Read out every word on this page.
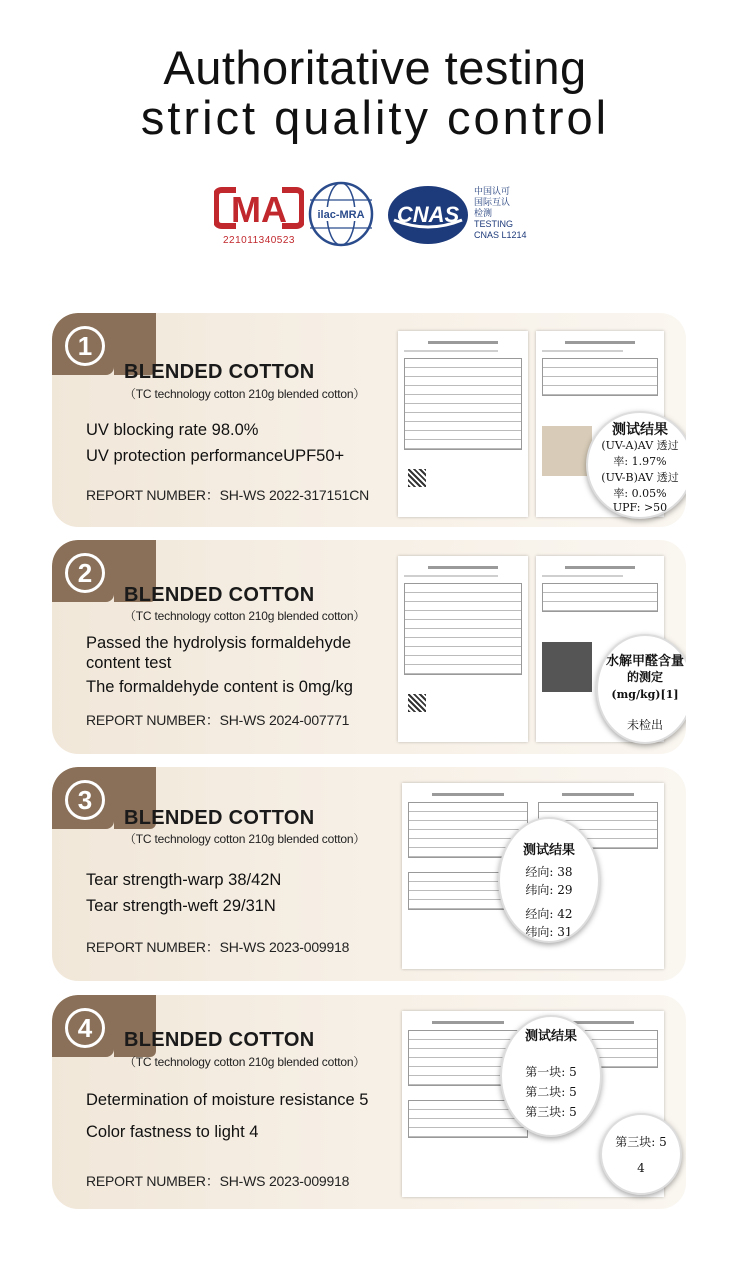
Authoritative testing
strict quality control
MA
221011340523
ilac-MRA CNAS
中国认可
国际互认
检测
TESTING
CNAS L1214
1
BLENDED COTTON
（TC technology cotton 210g blended cotton）
UV blocking rate 98.0%
UV protection performanceUPF50+
REPORT NUMBER：SH-WS 2022-317151CN
测试结果
(UV-A)AV 透过
率: 1.97%
(UV-B)AV 透过
率: 0.05%
UPF: >50
2
BLENDED COTTON
（TC technology cotton 210g blended cotton）
Passed the hydrolysis formaldehyde
content test
The formaldehyde content is 0mg/kg
REPORT NUMBER：SH-WS 2024-007771
水解甲醛含量
的测定
(mg/kg)[1]
未检出
3
BLENDED COTTON
（TC technology cotton 210g blended cotton）
Tear strength-warp 38/42N
Tear strength-weft 29/31N
REPORT NUMBER：SH-WS 2023-009918
测试结果
经向: 38
纬向: 29
经向: 42
纬向: 31
4	BLENDED COTTON
（TC technology cotton 210g blended cotton）
Determination of moisture resistance 5
Color fastness to light 4
REPORT NUMBER：SH-WS 2023-009918
测试结果
第一块: 5
第二块: 5
第三块: 5
第三块: 5
4
